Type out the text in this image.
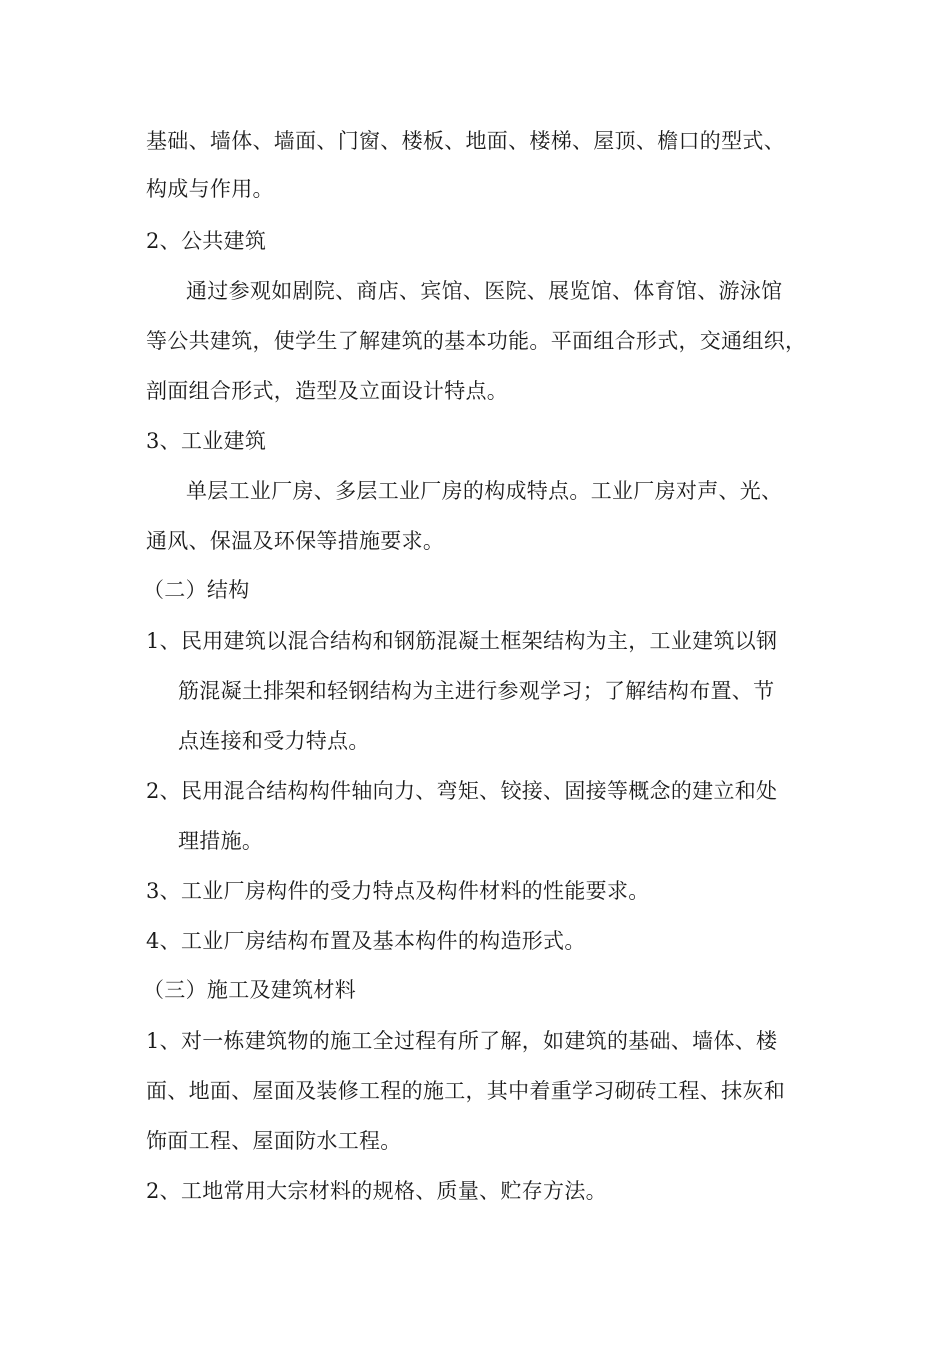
基础、墙体、墙面、门窗、楼板、地面、楼梯、屋顶、檐口的型式、
构成与作用。
2、公共建筑
通过参观如剧院、商店、宾馆、医院、展览馆、体育馆、游泳馆
等公共建筑，使学生了解建筑的基本功能。平面组合形式，交通组织，
剖面组合形式，造型及立面设计特点。
3、工业建筑
单层工业厂房、多层工业厂房的构成特点。工业厂房对声、光、
通风、保温及环保等措施要求。
（二）结构
1、民用建筑以混合结构和钢筋混凝土框架结构为主，工业建筑以钢
筋混凝土排架和轻钢结构为主进行参观学习；了解结构布置、节
点连接和受力特点。
2、民用混合结构构件轴向力、弯矩、铰接、固接等概念的建立和处
理措施。
3、工业厂房构件的受力特点及构件材料的性能要求。
4、工业厂房结构布置及基本构件的构造形式。
（三）施工及建筑材料
1、对一栋建筑物的施工全过程有所了解，如建筑的基础、墙体、楼
面、地面、屋面及装修工程的施工，其中着重学习砌砖工程、抹灰和
饰面工程、屋面防水工程。
2、工地常用大宗材料的规格、质量、贮存方法。
